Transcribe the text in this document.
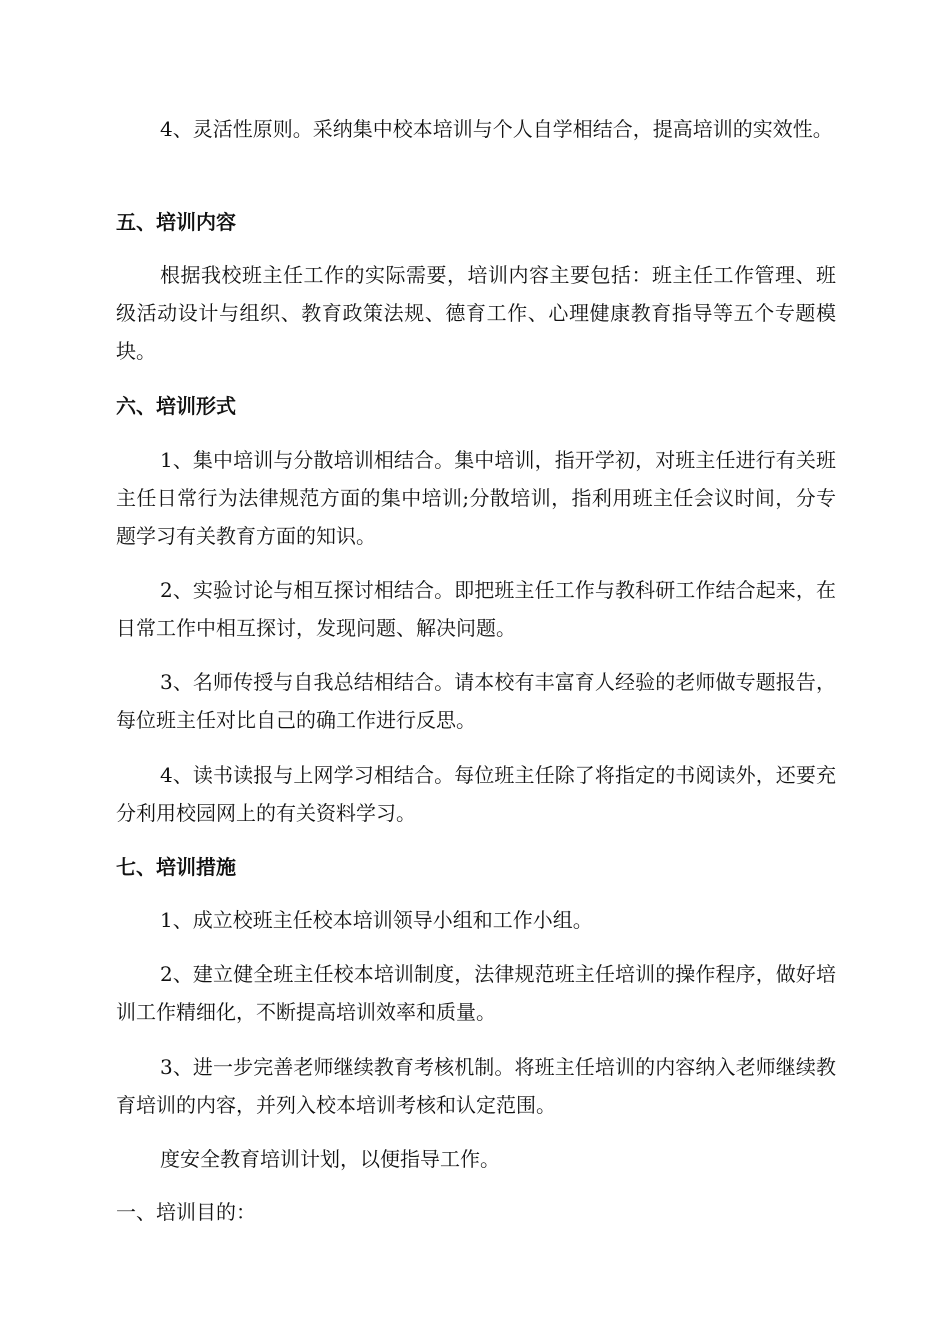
4、灵活性原则。采纳集中校本培训与个人自学相结合，提高培训的实效性。

五、培训内容

根据我校班主任工作的实际需要，培训内容主要包括：班主任工作管理、班级活动设计与组织、教育政策法规、德育工作、心理健康教育指导等五个专题模块。

六、培训形式

1、集中培训与分散培训相结合。集中培训，指开学初，对班主任进行有关班主任日常行为法律规范方面的集中培训;分散培训，指利用班主任会议时间，分专题学习有关教育方面的知识。

2、实验讨论与相互探讨相结合。即把班主任工作与教科研工作结合起来，在日常工作中相互探讨，发现问题、解决问题。

3、名师传授与自我总结相结合。请本校有丰富育人经验的老师做专题报告，每位班主任对比自己的确工作进行反思。

4、读书读报与上网学习相结合。每位班主任除了将指定的书阅读外，还要充分利用校园网上的有关资料学习。

七、培训措施

1、成立校班主任校本培训领导小组和工作小组。

2、建立健全班主任校本培训制度，法律规范班主任培训的操作程序，做好培训工作精细化，不断提高培训效率和质量。

3、进一步完善老师继续教育考核机制。将班主任培训的内容纳入老师继续教育培训的内容，并列入校本培训考核和认定范围。

度安全教育培训计划，以便指导工作。

一、培训目的：
